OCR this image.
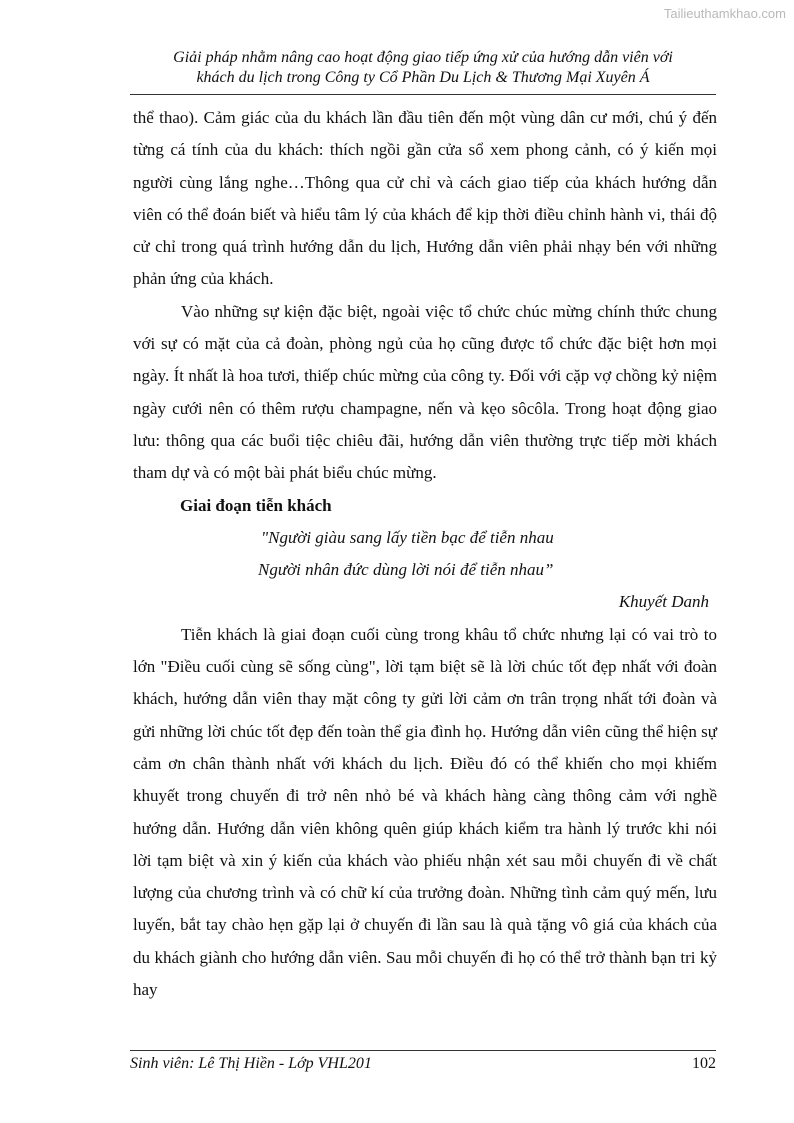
Tailieuthamkhao.com
Giải pháp nhằm nâng cao hoạt động giao tiếp ứng xử của hướng dẫn viên với
khách du lịch trong Công ty Cổ Phần Du Lịch & Thương Mại Xuyên Á

thể thao). Cảm giác của du khách lần đầu tiên đến một vùng dân cư mới, chú ý đến từng cá tính của du khách: thích ngồi gần cửa sổ xem phong cảnh, có ý kiến mọi người cùng lắng nghe…Thông qua cử chỉ và cách giao tiếp của khách hướng dẫn viên có thể đoán biết và hiểu tâm lý của khách để kịp thời điều chỉnh hành vi, thái độ cử chỉ trong quá trình hướng dẫn du lịch, Hướng dẫn viên phải nhạy bén với những phản ứng của khách.

Vào những sự kiện đặc biệt, ngoài việc tổ chức chúc mừng chính thức chung với sự có mặt của cả đoàn, phòng ngủ của họ cũng được tổ chức đặc biệt hơn mọi ngày. Ít nhất là hoa tươi, thiếp chúc mừng của công ty. Đối với cặp vợ chồng kỷ niệm ngày cưới nên có thêm rượu champagne, nến và kẹo sôcôla. Trong hoạt động giao lưu: thông qua các buổi tiệc chiêu đãi, hướng dẫn viên thường trực tiếp mời khách tham dự và có một bài phát biểu chúc mừng.

Giai đoạn tiễn khách

"Người giàu sang lấy tiền bạc để tiễn nhau

Người nhân đức dùng lời nói để tiễn nhau”

Khuyết Danh

Tiễn khách là giai đoạn cuối cùng trong khâu tổ chức nhưng lại có vai trò to lớn "Điều cuối cùng sẽ sống cùng", lời tạm biệt sẽ là lời chúc tốt đẹp nhất với đoàn khách, hướng dẫn viên thay mặt công ty gửi lời cảm ơn trân trọng nhất tới đoàn và gửi những lời chúc tốt đẹp đến toàn thể gia đình họ. Hướng dẫn viên cũng thể hiện sự cảm ơn chân thành nhất với khách du lịch. Điều đó có thể khiến cho mọi khiếm khuyết trong chuyến đi trở nên nhỏ bé và khách hàng càng thông cảm với nghề hướng dẫn. Hướng dẫn viên không quên giúp khách kiểm tra hành lý trước khi nói lời tạm biệt và xin ý kiến của khách vào phiếu nhận xét sau mỗi chuyến đi về chất lượng của chương trình và có chữ kí của trưởng đoàn. Những tình cảm quý mến, lưu luyến, bắt tay chào hẹn gặp lại ở chuyến đi lần sau là quà tặng vô giá của khách của du khách giành cho hướng dẫn viên. Sau mỗi chuyến đi họ có thể trở thành bạn tri kỷ hay

Sinh viên: Lê Thị Hiền - Lớp VHL201	102
